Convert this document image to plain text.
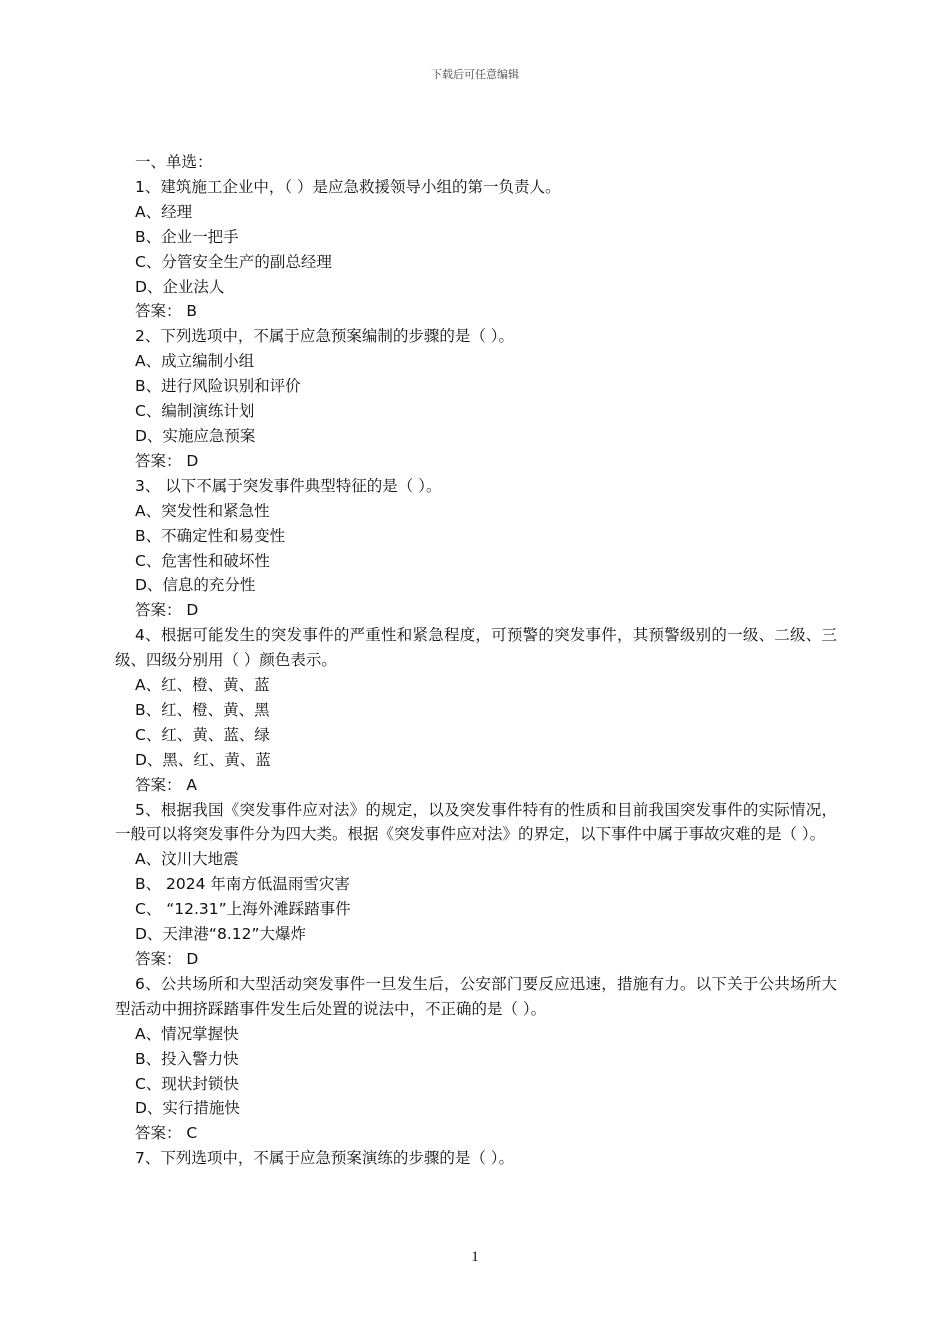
下载后可任意编辑
一、单选：
1、建筑施工企业中，（ ）是应急救援领导小组的第一负责人。
A、经理
B、企业一把手
C、分管安全生产的副总经理
D、企业法人
答案： B
2、下列选项中，不属于应急预案编制的步骤的是（ ）。
A、成立编制小组
B、进行风险识别和评价
C、编制演练计划
D、实施应急预案
答案： D
3、 以下不属于突发事件典型特征的是（ ）。
A、突发性和紧急性
B、不确定性和易变性
C、危害性和破坏性
D、信息的充分性
答案： D
4、根据可能发生的突发事件的严重性和紧急程度，可预警的突发事件，其预警级别的一级、二级、三级、四级分别用（ ）颜色表示。
A、红、橙、黄、蓝
B、红、橙、黄、黑
C、红、黄、蓝、绿
D、黑、红、黄、蓝
答案： A
5、根据我国《突发事件应对法》的规定，以及突发事件特有的性质和目前我国突发事件的实际情况，一般可以将突发事件分为四大类。根据《突发事件应对法》的界定，以下事件中属于事故灾难的是（ ）。
A、汶川大地震
B、 2024 年南方低温雨雪灾害
C、 “12.31”上海外滩踩踏事件
D、天津港“8.12”大爆炸
答案： D
6、公共场所和大型活动突发事件一旦发生后，公安部门要反应迅速，措施有力。以下关于公共场所大型活动中拥挤踩踏事件发生后处置的说法中，不正确的是（ ）。
A、情况掌握快
B、投入警力快
C、现状封锁快
D、实行措施快
答案： C
7、下列选项中，不属于应急预案演练的步骤的是（ ）。
1
